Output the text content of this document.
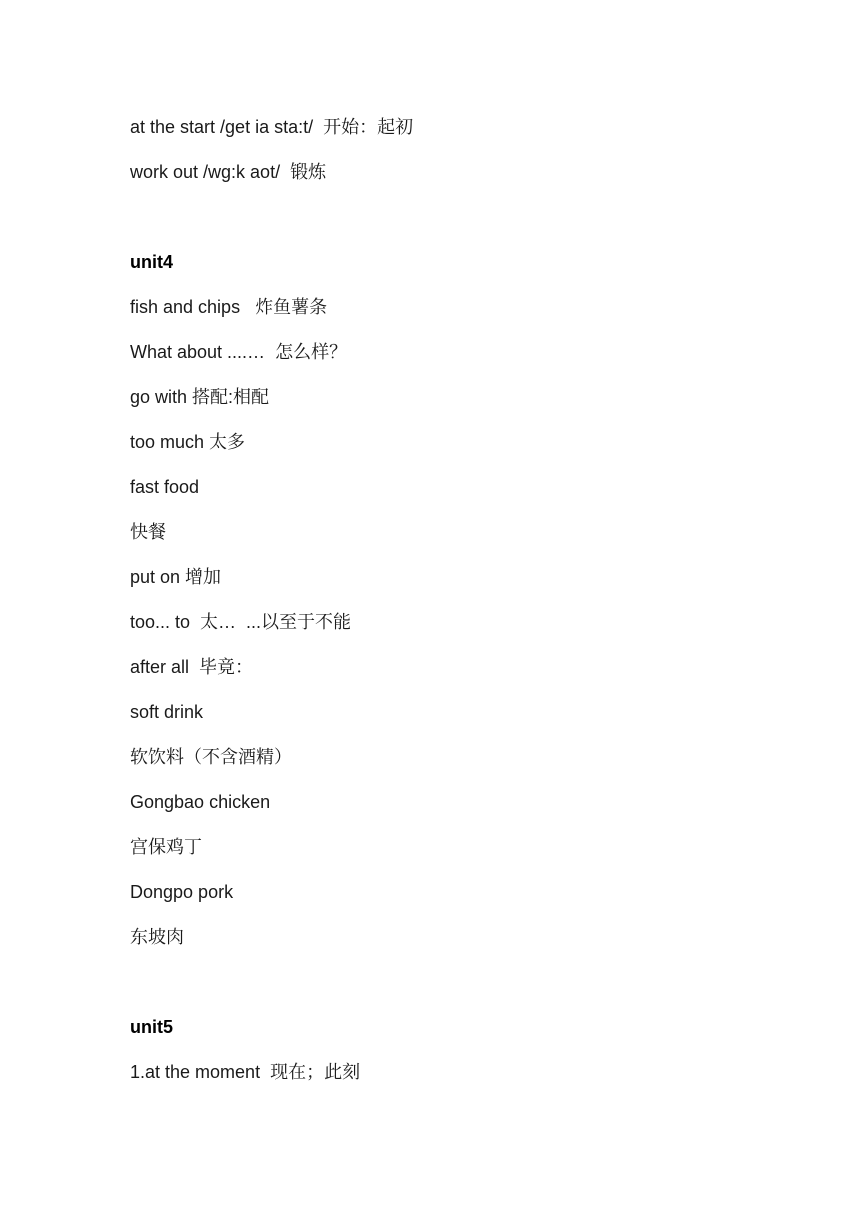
at the start /get ia sta:t/  开始：起初
work out /wg:k aot/  锻炼
unit4
fish and chips   炸鱼薯条
What about ....…  怎么样？
go with 搭配:相配
too much 太多
fast food
快餐
put on 增加
too... to  太…  ...以至于不能
after all  毕竟：
soft drink
软饮料（不含酒精）
Gongbao chicken
宫保鸡丁
Dongpo pork
东坡肉
unit5
1.at the moment  现在；此刻
